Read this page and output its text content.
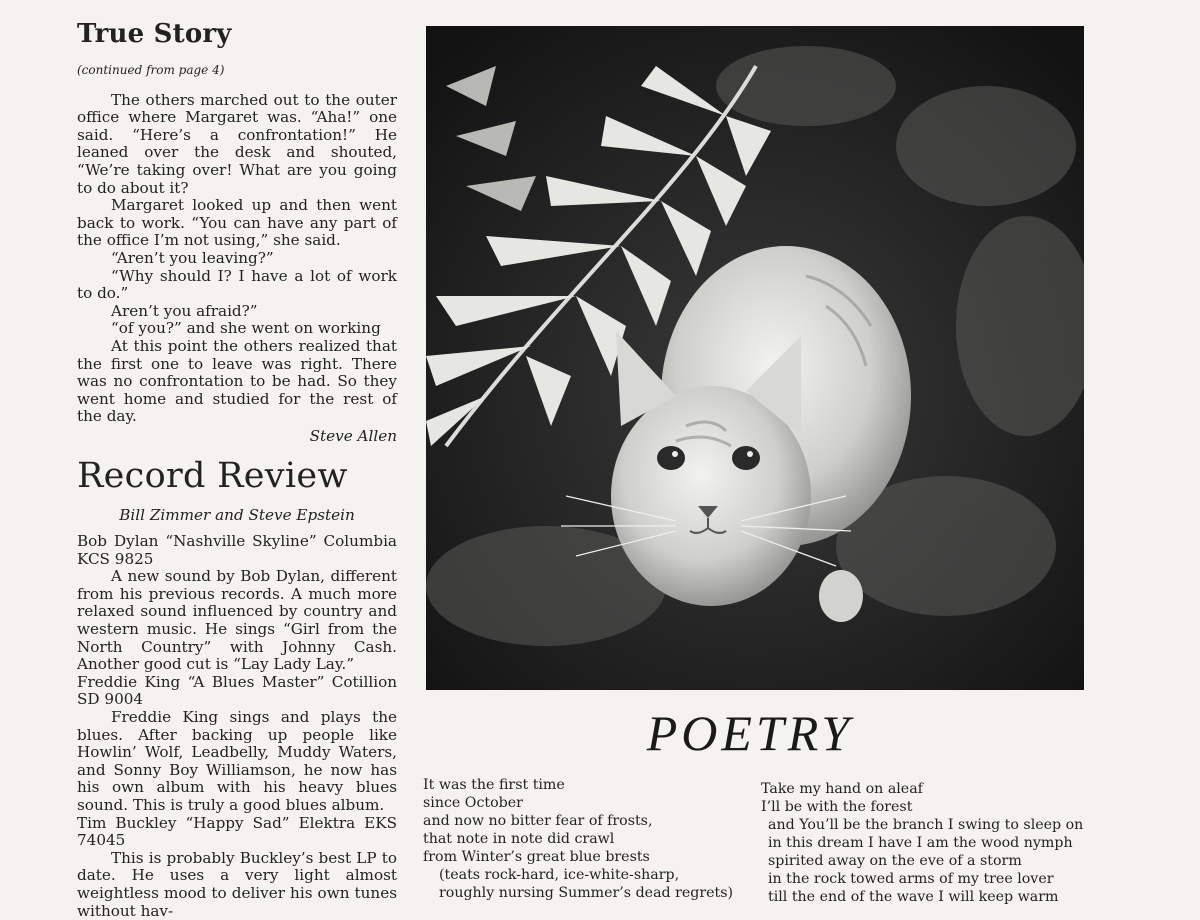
True Story
(continued from page 4)

The others marched out to the outer office where Margaret was. “Aha!” one said. “Here’s a confrontation!” He leaned over the desk and shouted, “We’re taking over! What are you going to do about it?

Margaret looked up and then went back to work. “You can have any part of the office I’m not using,” she said.

“Aren’t you leaving?”

“Why should I? I have a lot of work to do.”

Aren’t you afraid?”

“of you?” and she went on working

At this point the others realized that the first one to leave was right. There was no confrontation to be had. So they went home and studied for the rest of the day.

Steve Allen

Record Review
Bill Zimmer and Steve Epstein

Bob Dylan “Nashville Skyline” Columbia KCS 9825

A new sound by Bob Dylan, different from his previous records. A much more relaxed sound influenced by country and western music. He sings “Girl from the North Country” with Johnny Cash. Another good cut is “Lay Lady Lay.”

Freddie King “A Blues Master” Cotillion SD 9004

Freddie King sings and plays the blues. After backing up people like Howlin’ Wolf, Leadbelly, Muddy Waters, and Sonny Boy Williamson, he now has his own album with his heavy blues sound. This is truly a good blues album.

Tim Buckley “Happy Sad” Elektra EKS 74045

This is probably Buckley’s best LP to date. He uses a very light almost weightless mood to deliver his own tunes without hav-

POETRY
It was the first time
since October
and now no bitter fear of frosts,
that note in note did crawl
from Winter’s great blue brests
(teats rock-hard, ice-white-sharp,
roughly nursing Summer’s dead regrets)
Take my hand on aleaf
I’ll be with the forest
and You’ll be the branch I swing to sleep on
in this dream I have I am the wood nymph
spirited away on the eve of a storm
in the rock towed arms of my tree lover
till the end of the wave I will keep warm
